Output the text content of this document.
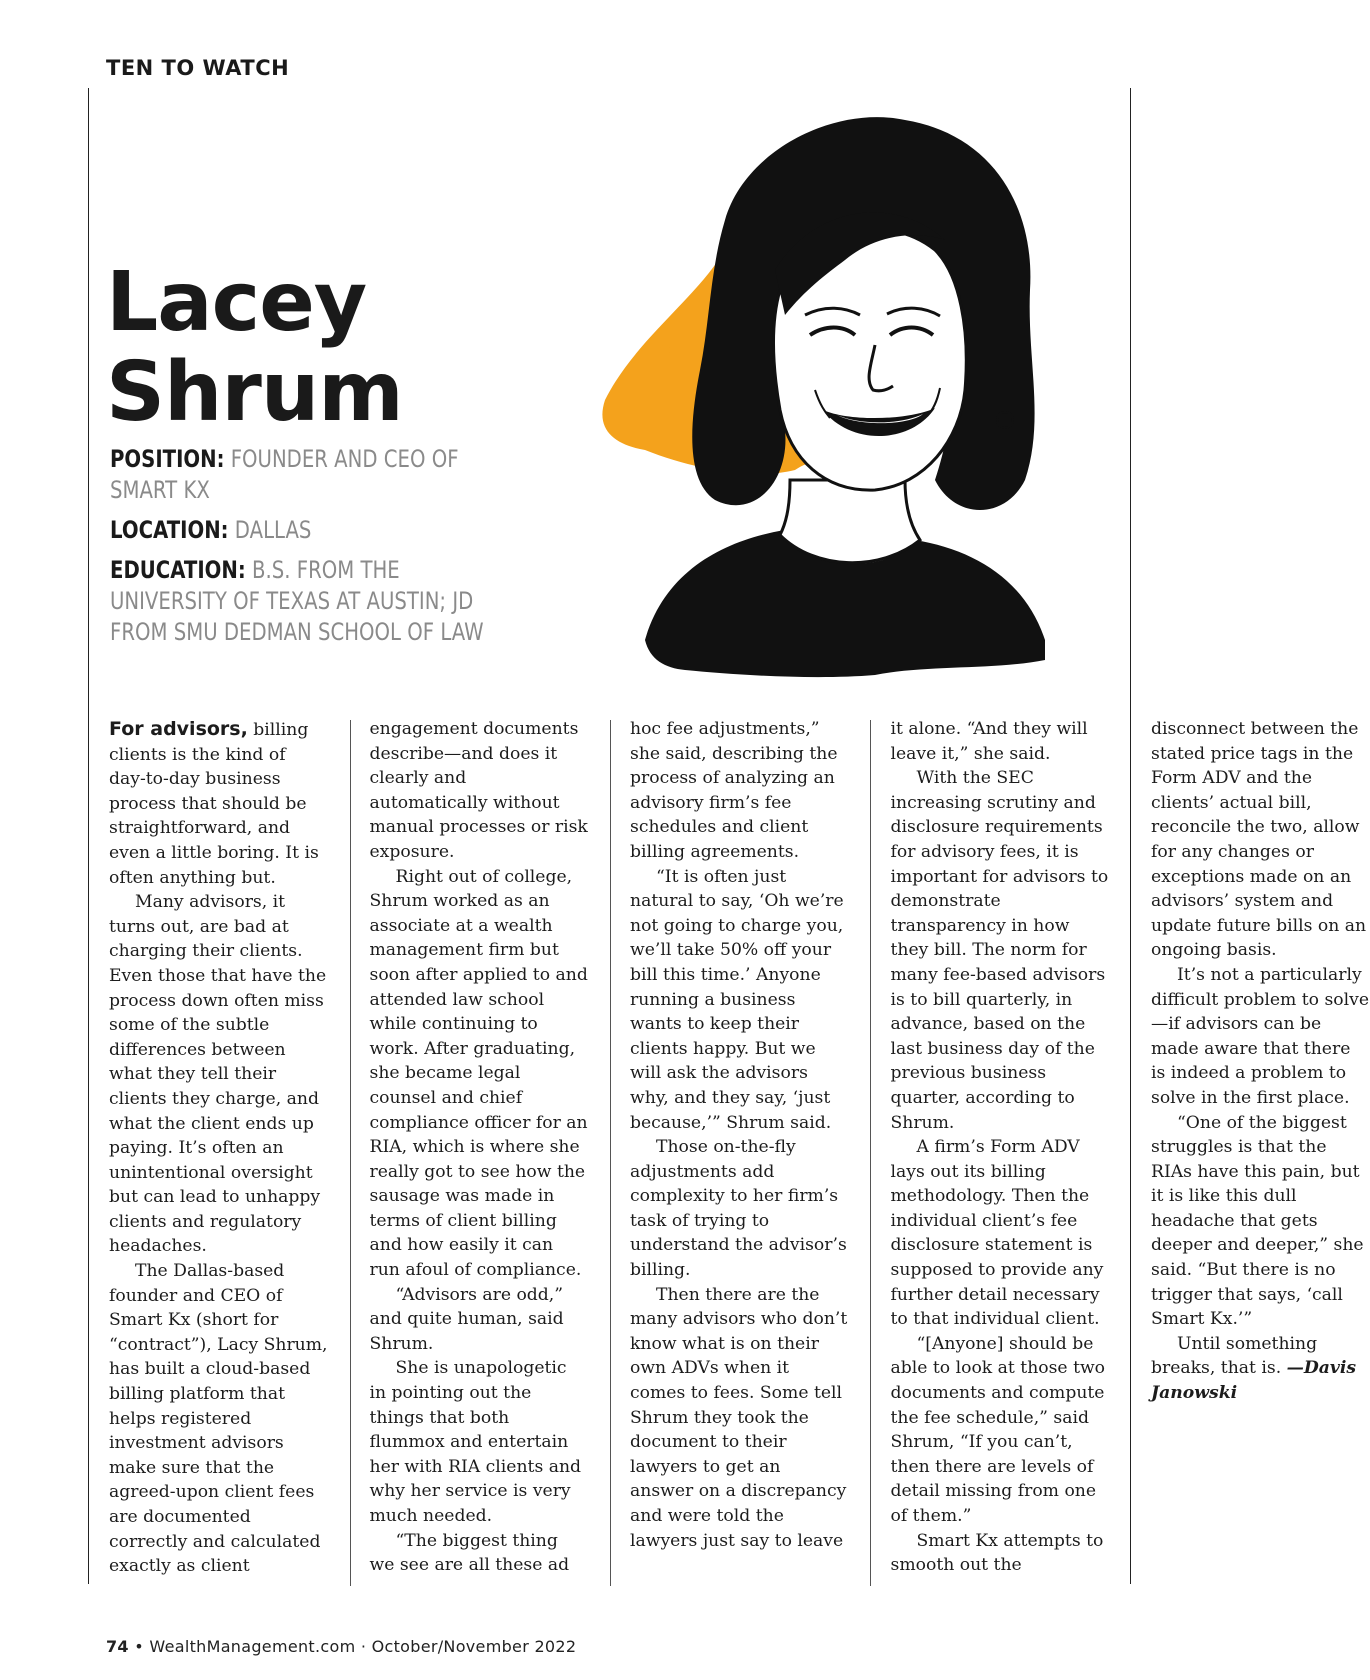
TEN TO WATCH
Lacey
Shrum
POSITION: FOUNDER AND CEO OF SMART KX
LOCATION: DALLAS
EDUCATION: B.S. FROM THE UNIVERSITY OF TEXAS AT AUSTIN; JD FROM SMU DEDMAN SCHOOL OF LAW

For advisors, billing clients is the kind of day-to-day business process that should be straightforward, and even a little boring. It is often anything but.

Many advisors, it turns out, are bad at charging their clients. Even those that have the process down often miss some of the subtle differences between what they tell their clients they charge, and what the client ends up paying. It’s often an unintentional oversight but can lead to unhappy clients and regulatory headaches.

The Dallas-based founder and CEO of Smart Kx (short for “contract”), Lacy Shrum, has built a cloud-based billing platform that helps registered investment advisors make sure that the agreed-upon client fees are documented correctly and calculated exactly as client engagement documents describe—and does it clearly and automatically without manual processes or risk exposure.

Right out of college, Shrum worked as an associate at a wealth management firm but soon after applied to and attended law school while continuing to work. After graduating, she became legal counsel and chief compliance officer for an RIA, which is where she really got to see how the sausage was made in terms of client billing and how easily it can run afoul of compliance.

“Advisors are odd,” and quite human, said Shrum.

She is unapologetic in pointing out the things that both flummox and entertain her with RIA clients and why her service is very much needed.

“The biggest thing we see are all these ad hoc fee adjustments,” she said, describing the process of analyzing an advisory firm’s fee schedules and client billing agreements.

“It is often just natural to say, ‘Oh we’re not going to charge you, we’ll take 50% off your bill this time.’ Anyone running a business wants to keep their clients happy. But we will ask the advisors why, and they say, ‘just because,’” Shrum said.

Those on-the-fly adjustments add complexity to her firm’s task of trying to understand the advisor’s billing.

Then there are the many advisors who don’t know what is on their own ADVs when it comes to fees. Some tell Shrum they took the document to their lawyers to get an answer on a discrepancy and were told the lawyers just say to leave it alone. “And they will leave it,” she said.

With the SEC increasing scrutiny and disclosure requirements for advisory fees, it is important for advisors to demonstrate transparency in how they bill. The norm for many fee-based advisors is to bill quarterly, in advance, based on the last business day of the previous business quarter, according to Shrum.

A firm’s Form ADV lays out its billing methodology. Then the individual client’s fee disclosure statement is supposed to provide any further detail necessary to that individual client.

“[Anyone] should be able to look at those two documents and compute the fee schedule,” said Shrum, “If you can’t, then there are levels of detail missing from one of them.”

Smart Kx attempts to smooth out the disconnect between the stated price tags in the Form ADV and the clients’ actual bill, reconcile the two, allow for any changes or exceptions made on an advisors’ system and update future bills on an ongoing basis.

It’s not a particularly difficult problem to solve—if advisors can be made aware that there is indeed a problem to solve in the first place.

“One of the biggest struggles is that the RIAs have this pain, but it is like this dull headache that gets deeper and deeper,” she said. “But there is no trigger that says, ‘call Smart Kx.’”

Until something breaks, that is. —Davis Janowski

74 • WealthManagement.com · October/November 2022
